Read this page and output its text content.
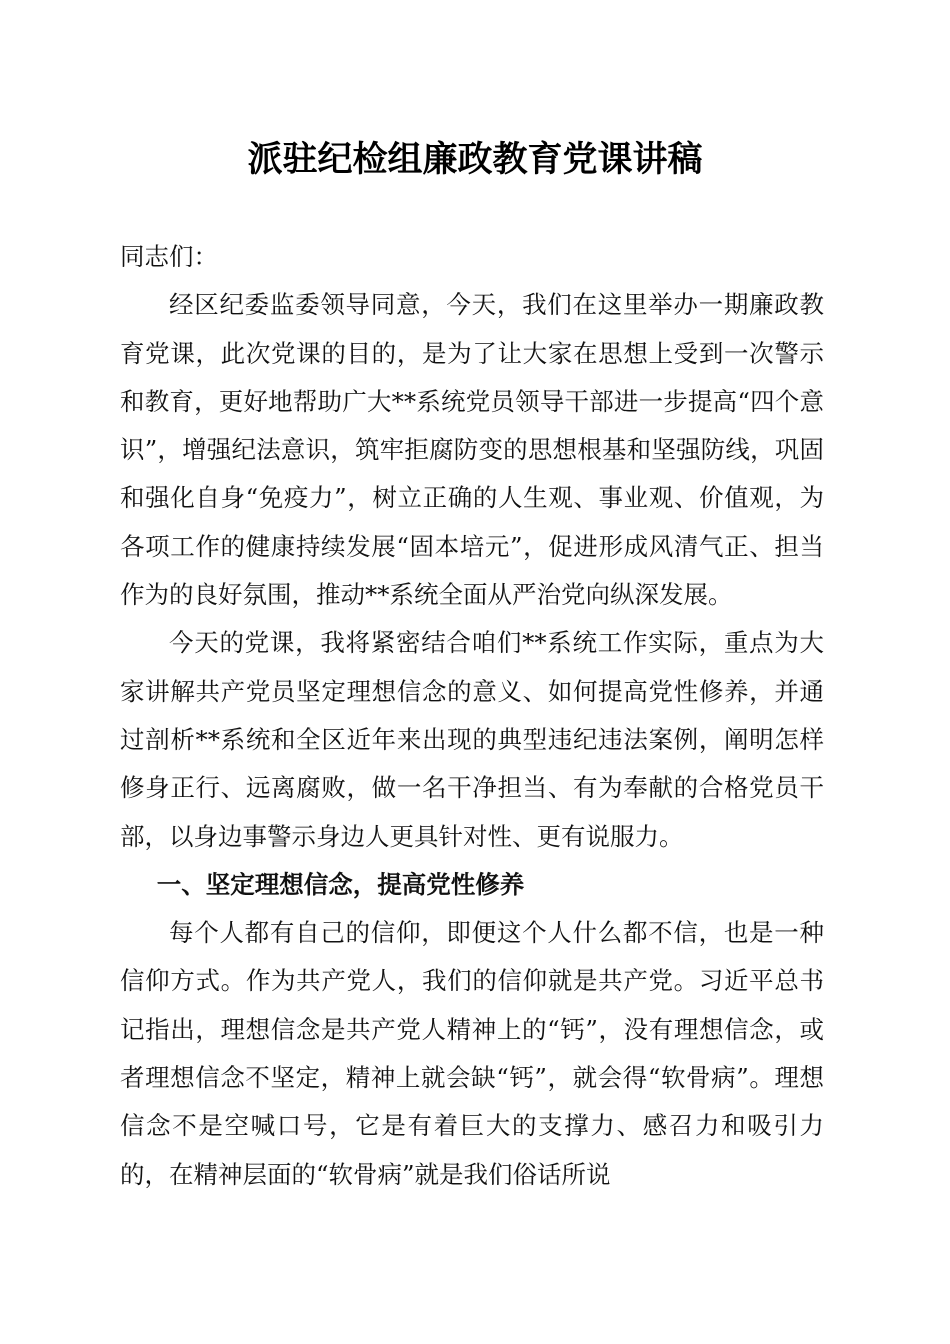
派驻纪检组廉政教育党课讲稿

同志们：

经区纪委监委领导同意，今天，我们在这里举办一期廉政教育党课，此次党课的目的，是为了让大家在思想上受到一次警示和教育，更好地帮助广大**系统党员领导干部进一步提高“四个意识”，增强纪法意识，筑牢拒腐防变的思想根基和坚强防线，巩固和强化自身“免疫力”，树立正确的人生观、事业观、价值观，为各项工作的健康持续发展“固本培元”，促进形成风清气正、担当作为的良好氛围，推动**系统全面从严治党向纵深发展。

今天的党课，我将紧密结合咱们**系统工作实际，重点为大家讲解共产党员坚定理想信念的意义、如何提高党性修养，并通过剖析**系统和全区近年来出现的典型违纪违法案例，阐明怎样修身正行、远离腐败，做一名干净担当、有为奉献的合格党员干部，以身边事警示身边人更具针对性、更有说服力。

一、坚定理想信念，提高党性修养

每个人都有自己的信仰，即便这个人什么都不信，也是一种信仰方式。作为共产党人，我们的信仰就是共产党。习近平总书记指出，理想信念是共产党人精神上的“钙”，没有理想信念，或者理想信念不坚定，精神上就会缺“钙”，就会得“软骨病”。理想信念不是空喊口号，它是有着巨大的支撑力、感召力和吸引力的，在精神层面的“软骨病”就是我们俗话所说
